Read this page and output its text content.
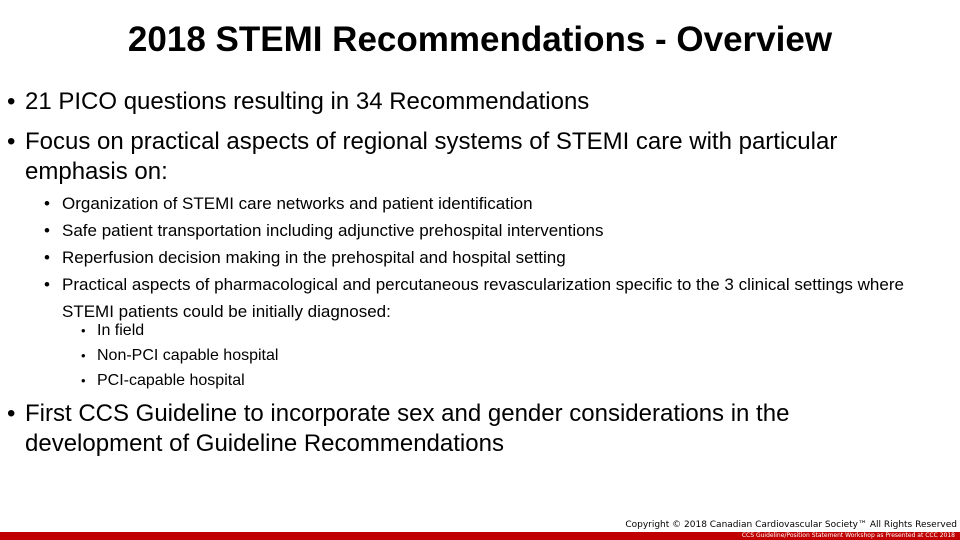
2018 STEMI Recommendations - Overview
• 21 PICO questions resulting in 34 Recommendations
• Focus on practical aspects of regional systems of STEMI care with particular emphasis on:
• Organization of STEMI care networks and patient identification
• Safe patient transportation including adjunctive prehospital interventions
• Reperfusion decision making in the prehospital and hospital setting
• Practical aspects of pharmacological and percutaneous revascularization specific to the 3 clinical settings where STEMI patients could be initially diagnosed:
• In field
• Non-PCI capable hospital
• PCI-capable hospital
• First CCS Guideline to incorporate sex and gender considerations in the development of Guideline Recommendations
Copyright © 2018 Canadian Cardiovascular Society™ All Rights Reserved
CCS Guideline/Position Statement Workshop as Presented at CCC 2018
